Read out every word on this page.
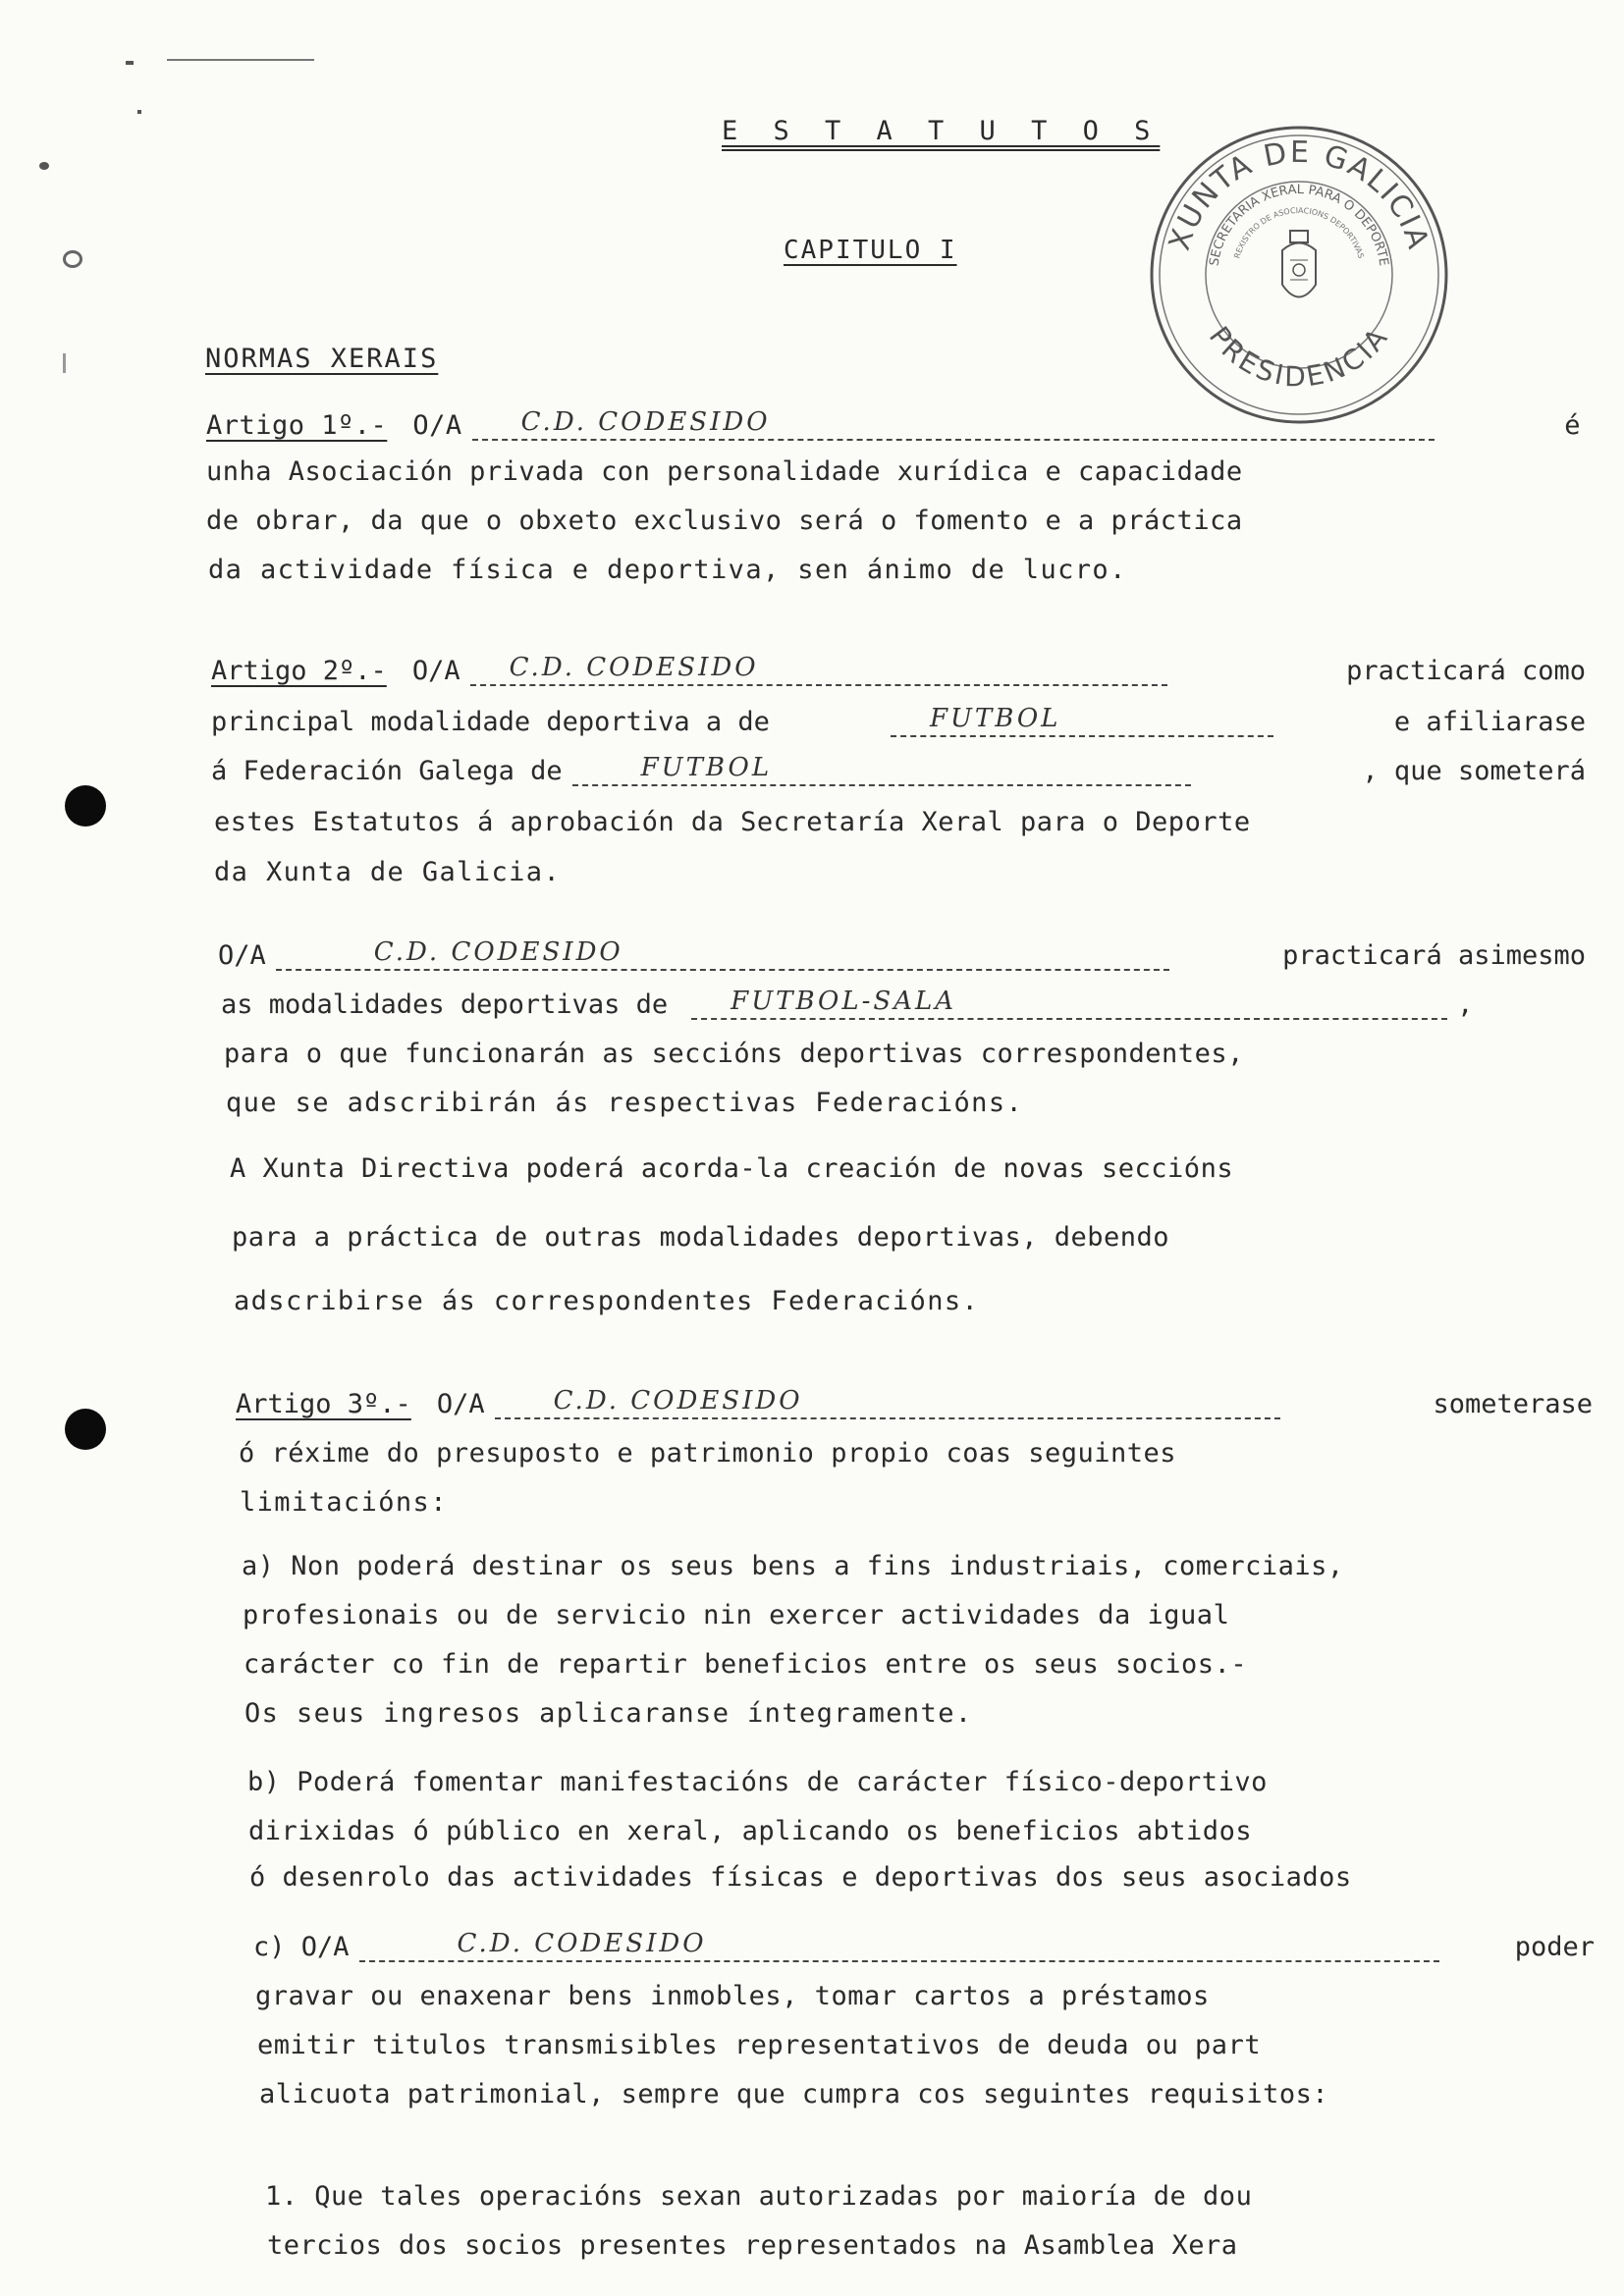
E S T A T U T O S
CAPITULO I
NORMAS XERAIS
XUNTA DE GALICIA
PRESIDENCIA
SECRETARIA XERAL PARA O DEPORTE
REXISTRO DE ASOCIACIONS DEPORTIVAS
Artigo 1º.- O/A C.D. CODESIDO	é
unha Asociación privada con personalidade xurídica e capacidade
de obrar, da que o obxeto exclusivo será o fomento e a práctica
da actividade física e deportiva, sen ánimo de lucro.
Artigo 2º.- O/A C.D. CODESIDO	practicará como
principal modalidade deportiva a de	FUTBOL	e afiliarase
á Federación Galega de	FUTBOL	, que someterá
estes Estatutos á aprobación da Secretaría Xeral para o Deporte
da Xunta de Galicia.
O/A	C.D. CODESIDO	practicará asimesmo
as modalidades deportivas de FUTBOL-SALA	,
para o que funcionarán as seccións deportivas correspondentes,
que se adscribirán ás respectivas Federacións.
A Xunta Directiva poderá acorda-la creación de novas seccións
para a práctica de outras modalidades deportivas, debendo
adscribirse ás correspondentes Federacións.
Artigo 3º.- O/A	C.D. CODESIDO	someterase
ó réxime do presuposto e patrimonio propio coas seguintes
limitacións:
a) Non poderá destinar os seus bens a fins industriais, comerciais,
profesionais ou de servicio nin exercer actividades da igual
carácter co fin de repartir beneficios entre os seus socios.-
Os seus ingresos aplicaranse íntegramente.
b) Poderá fomentar manifestacións de carácter físico-deportivo
dirixidas ó público en xeral, aplicando os beneficios abtidos
ó desenrolo das actividades físicas e deportivas dos seus asociados
c) O/A	C.D. CODESIDO	poder
gravar ou enaxenar bens inmobles, tomar cartos a préstamos
emitir titulos transmisibles representativos de deuda ou part
alicuota patrimonial, sempre que cumpra cos seguintes requisitos:
1. Que tales operacións sexan autorizadas por maioría de dou
tercios dos socios presentes representados na Asamblea Xera
